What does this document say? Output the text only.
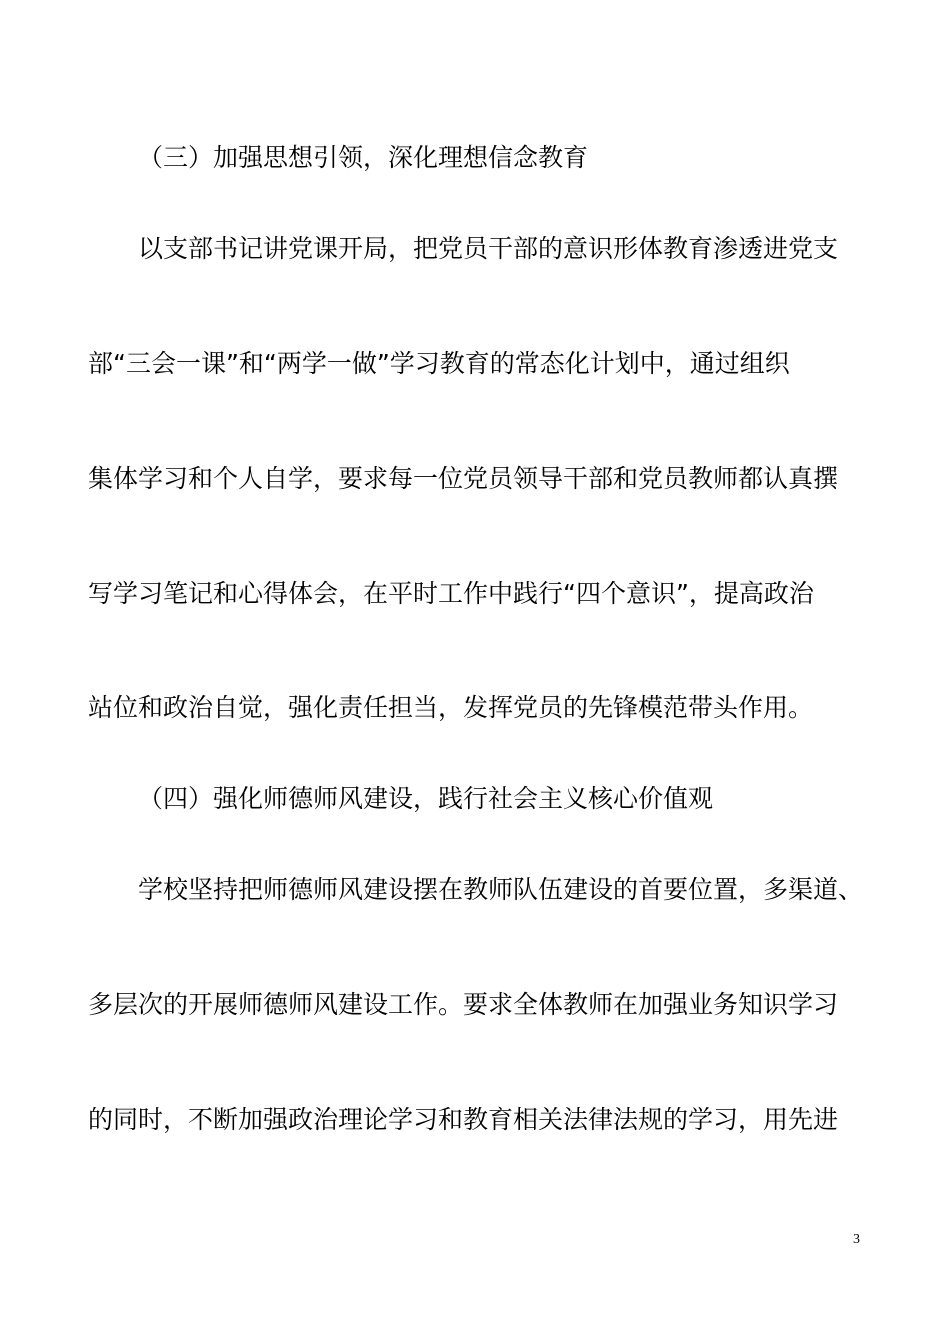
（三）加强思想引领，深化理想信念教育
以支部书记讲党课开局，把党员干部的意识形体教育渗透进党支
部“三会一课”和“两学一做”学习教育的常态化计划中，通过组织
集体学习和个人自学，要求每一位党员领导干部和党员教师都认真撰
写学习笔记和心得体会，在平时工作中践行“四个意识”，提高政治
站位和政治自觉，强化责任担当，发挥党员的先锋模范带头作用。
（四）强化师德师风建设，践行社会主义核心价值观
学校坚持把师德师风建设摆在教师队伍建设的首要位置，多渠道、
多层次的开展师德师风建设工作。要求全体教师在加强业务知识学习
的同时，不断加强政治理论学习和教育相关法律法规的学习，用先进
3
